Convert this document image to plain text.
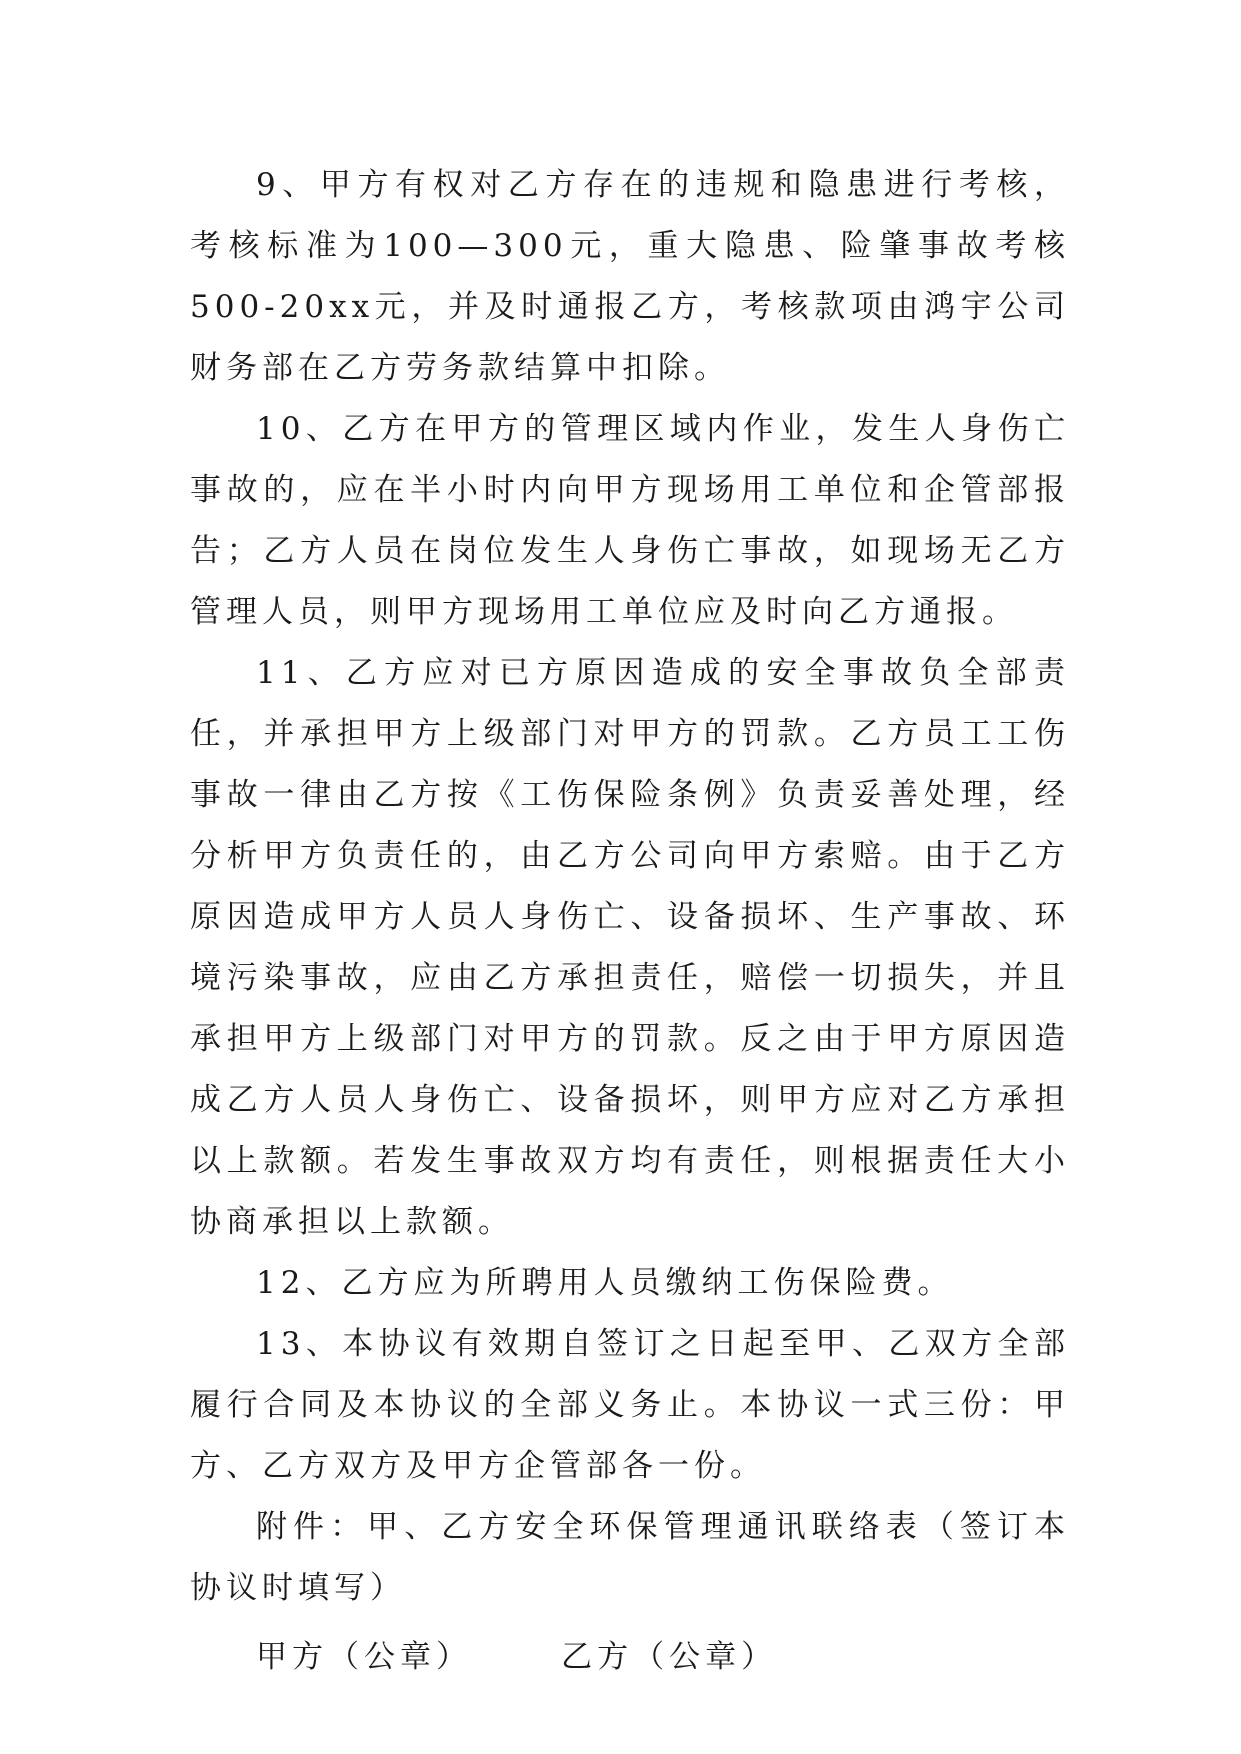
9、甲方有权对乙方存在的违规和隐患进行考核，考核标准为100—300元，重大隐患、险肇事故考核500-20xx元，并及时通报乙方，考核款项由鸿宇公司财务部在乙方劳务款结算中扣除。

10、乙方在甲方的管理区域内作业，发生人身伤亡事故的，应在半小时内向甲方现场用工单位和企管部报告；乙方人员在岗位发生人身伤亡事故，如现场无乙方管理人员，则甲方现场用工单位应及时向乙方通报。

11、乙方应对已方原因造成的安全事故负全部责任，并承担甲方上级部门对甲方的罚款。乙方员工工伤事故一律由乙方按《工伤保险条例》负责妥善处理，经分析甲方负责任的，由乙方公司向甲方索赔。由于乙方原因造成甲方人员人身伤亡、设备损坏、生产事故、环境污染事故，应由乙方承担责任，赔偿一切损失，并且承担甲方上级部门对甲方的罚款。反之由于甲方原因造成乙方人员人身伤亡、设备损坏，则甲方应对乙方承担以上款额。若发生事故双方均有责任，则根据责任大小协商承担以上款额。

12、乙方应为所聘用人员缴纳工伤保险费。

13、本协议有效期自签订之日起至甲、乙双方全部履行合同及本协议的全部义务止。本协议一式三份：甲方、乙方双方及甲方企管部各一份。

附件：甲、乙方安全环保管理通讯联络表（签订本协议时填写）

甲方（公章）	乙方（公章）
